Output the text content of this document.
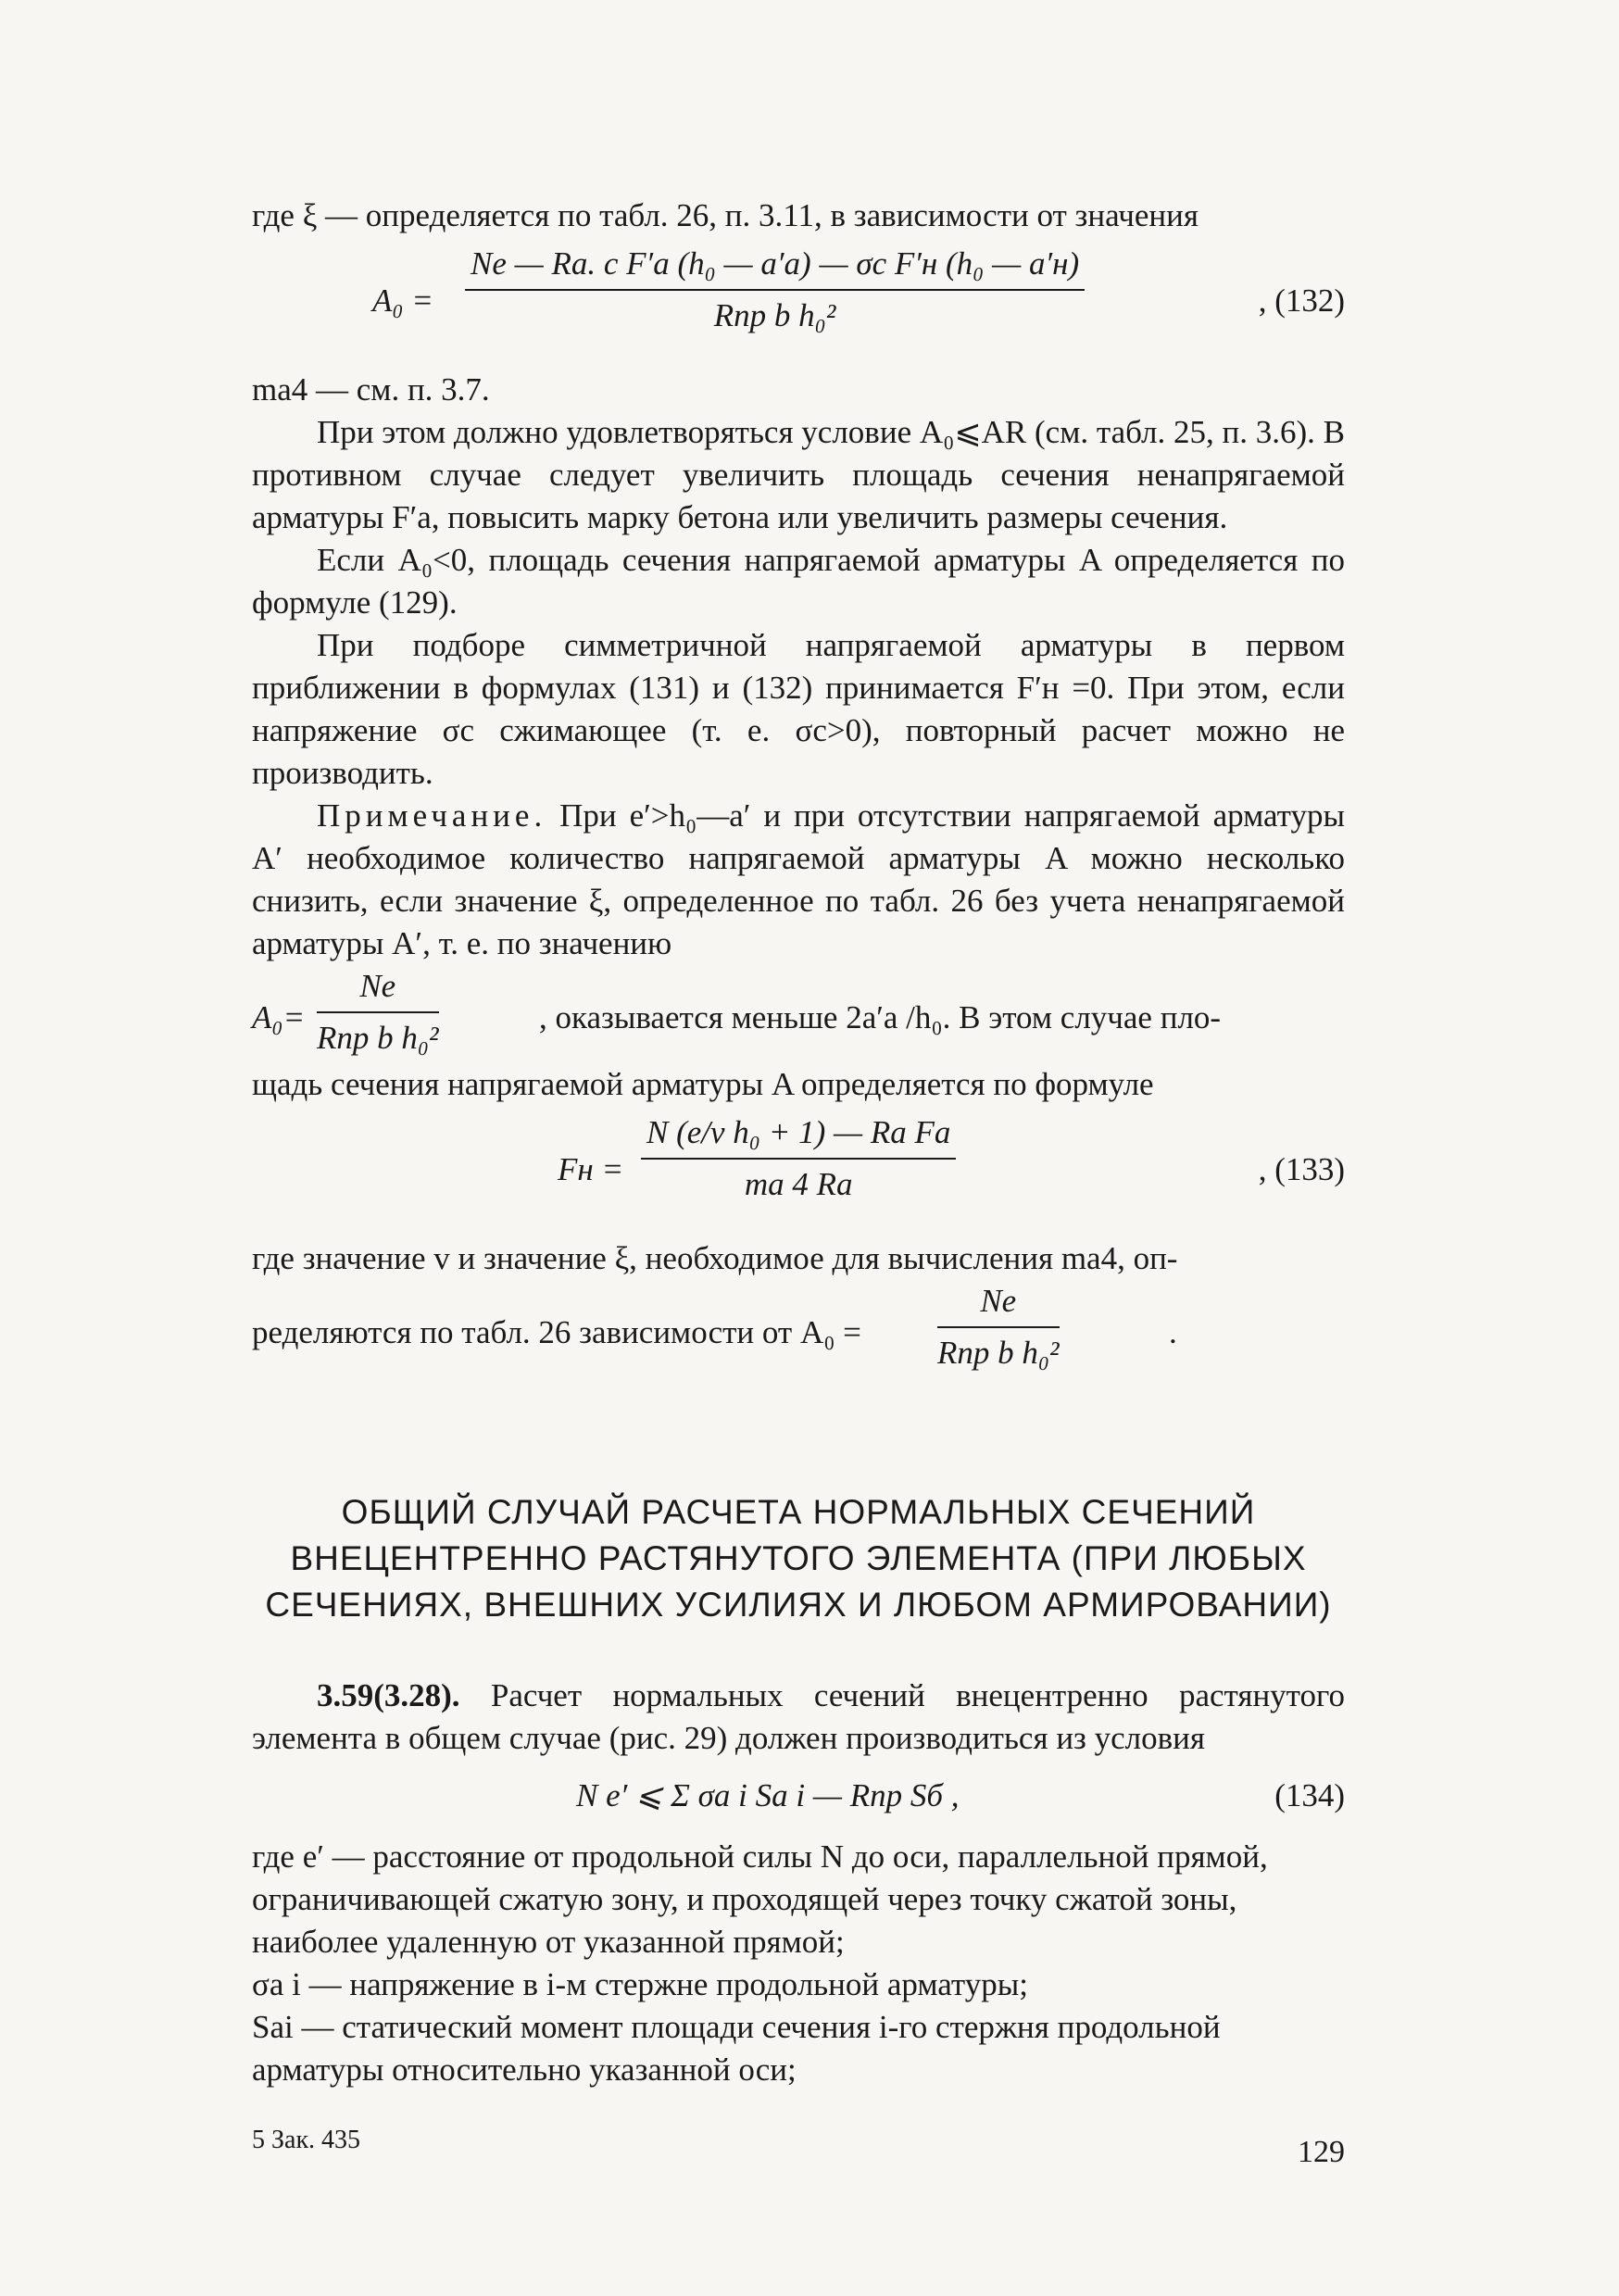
где ξ — определяется по табл. 26, п. 3.11, в зависимости от значения

A₀ =
Ne — Rа. с F′а (h₀ — a′а) — σс F′н (h₀ — a′н)
Rпр b h₀²	, (132)

mа4 — см. п. 3.7.

При этом должно удовлетворяться условие A₀⩽AR (см. табл. 25, п. 3.6). В противном случае следует увеличить площадь сечения ненапрягаемой арматуры F′а, повысить марку бетона или увеличить размеры сечения.

Если A₀<0, площадь сечения напрягаемой арматуры A определяется по формуле (129).

При подборе симметричной напрягаемой арматуры в первом приближении в формулах (131) и (132) принимается F′н =0. При этом, если напряжение σс сжимающее (т. е. σс>0), повторный расчет можно не производить.

Примечание. При e′>h₀—a′ и при отсутствии напрягаемой арматуры A′ необходимое количество напрягаемой арматуры A можно несколько снизить, если значение ξ, определенное по табл. 26 без учета ненапрягаемой арматуры A′, т. е. по значению

A₀=
Ne
Rпр b h₀²
, оказывается меньше 2a′а /h₀. В этом случае пло-

щадь сечения напрягаемой арматуры A определяется по формуле

Fн =
N (e/v h₀ + 1) — Rа Fа
mа 4 Rа	, (133)

где значение v и значение ξ, необходимое для вычисления mа4, оп-

ределяются по табл. 26 зависимости от A₀ =
Ne
Rпр b h₀²
.
ОБЩИЙ СЛУЧАЙ РАСЧЕТА НОРМАЛЬНЫХ СЕЧЕНИЙ ВНЕЦЕНТРЕННО РАСТЯНУТОГО ЭЛЕМЕНТА (ПРИ ЛЮБЫХ СЕЧЕНИЯХ, ВНЕШНИХ УСИЛИЯХ И ЛЮБОМ АРМИРОВАНИИ)

3.59(3.28). Расчет нормальных сечений внецентренно растянутого элемента в общем случае (рис. 29) должен производиться из условия

N e′ ⩽ Σ σа i Sа i — Rпр Sб ,	(134)

где e′ — расстояние от продольной силы N до оси, параллельной прямой, ограничивающей сжатую зону, и проходящей через точку сжатой зоны, наиболее удаленную от указанной прямой;

σа i — напряжение в i-м стержне продольной арматуры;

Sаi — статический момент площади сечения i-го стержня продольной арматуры относительно указанной оси;

5 Зак. 435	129
